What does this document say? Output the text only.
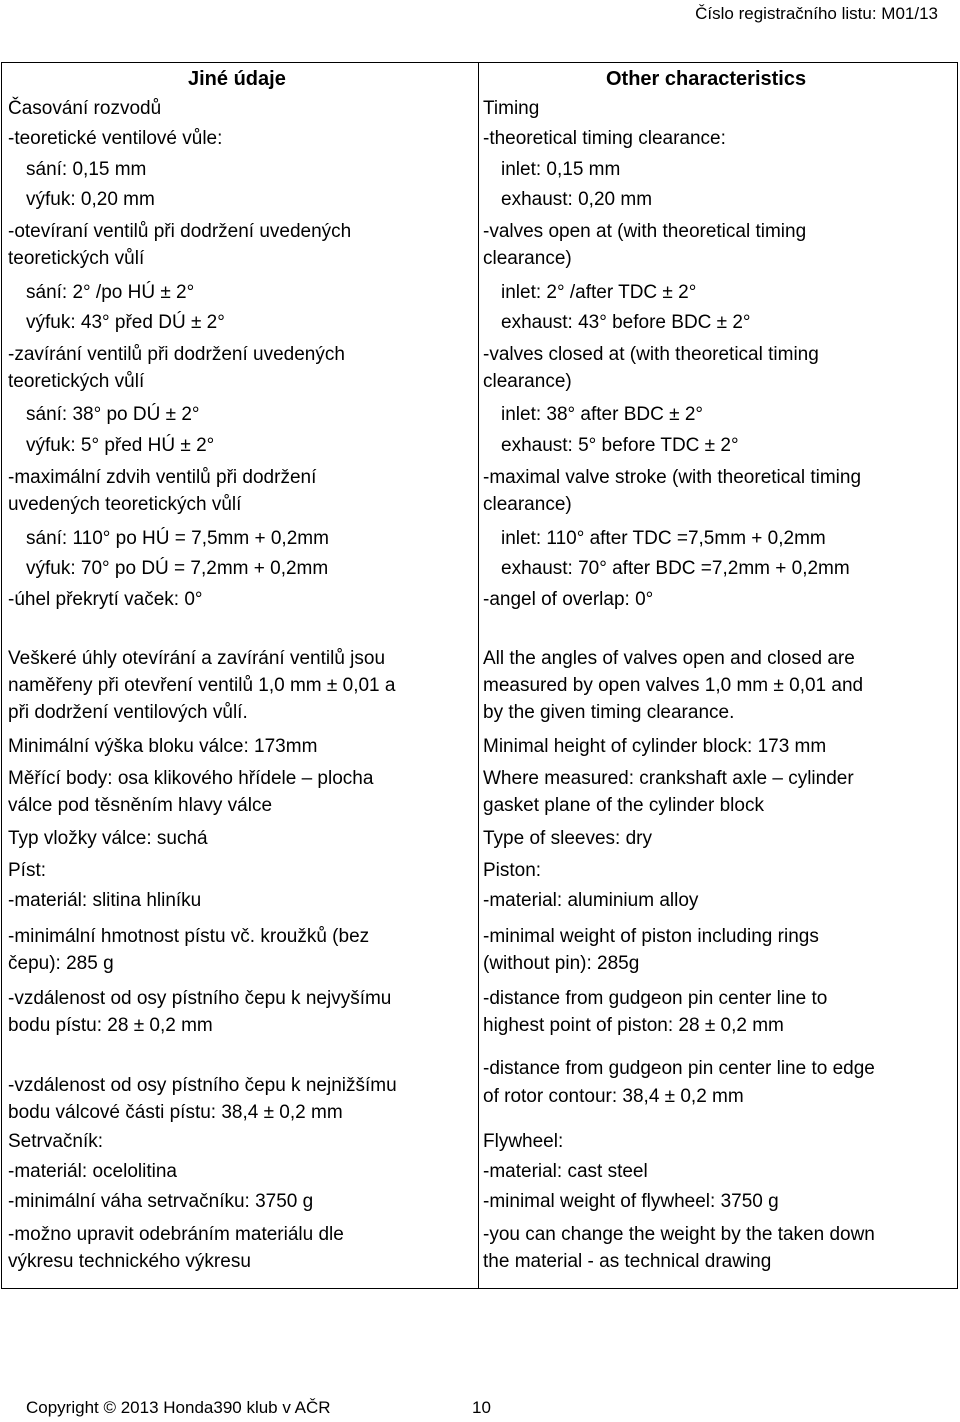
Číslo registračního listu: M01/13
Jiné údaje
Časování rozvodů
-teoretické ventilové vůle:
sání: 0,15 mm
výfuk: 0,20 mm
-otevíraní ventilů při dodržení uvedených
teoretických vůlí
sání: 2° /po HÚ ± 2°
výfuk: 43° před DÚ ± 2°
-zavírání ventilů při dodržení uvedených
teoretických vůlí
sání: 38° po DÚ ± 2°
výfuk: 5° před HÚ ± 2°
-maximální zdvih ventilů při dodržení
uvedených teoretických vůlí
sání: 110° po HÚ = 7,5mm + 0,2mm
výfuk: 70° po DÚ = 7,2mm + 0,2mm
-úhel překrytí vaček: 0°
Veškeré úhly otevírání a zavírání ventilů jsou
naměřeny při otevření ventilů 1,0 mm ± 0,01 a
při dodržení ventilových vůlí.
Minimální výška bloku válce: 173mm
Měřící body: osa klikového hřídele – plocha
válce pod těsněním hlavy válce
Typ vložky válce: suchá
Píst:
-materiál: slitina hliníku
-minimální hmotnost pístu vč. kroužků (bez
čepu): 285 g
-vzdálenost od osy pístního čepu k nejvyšímu
bodu pístu: 28 ± 0,2 mm
-vzdálenost od osy pístního čepu k nejnižšímu
bodu válcové části pístu: 38,4 ± 0,2 mm
Setrvačník:
-materiál: ocelolitina
-minimální váha setrvačníku: 3750 g
-možno upravit odebráním materiálu dle
výkresu technického výkresu
Other characteristics
Timing
-theoretical timing clearance:
inlet: 0,15 mm
exhaust: 0,20 mm
-valves open at (with theoretical timing
clearance)
inlet: 2° /after TDC ± 2°
exhaust: 43° before BDC ± 2°
-valves closed at (with theoretical timing
clearance)
inlet: 38° after BDC ± 2°
exhaust: 5° before TDC ± 2°
-maximal valve stroke (with theoretical timing
clearance)
inlet: 110° after TDC =7,5mm + 0,2mm
exhaust: 70° after BDC =7,2mm + 0,2mm
-angel of overlap: 0°
All the angles of valves open and closed are
measured by open valves 1,0 mm ± 0,01 and
by the given timing clearance.
Minimal height of cylinder block: 173 mm
Where measured: crankshaft axle – cylinder
gasket plane of the cylinder block
Type of sleeves: dry
Piston:
-material: aluminium alloy
-minimal weight of piston including rings
(without pin): 285g
-distance from gudgeon pin center line to
highest point of piston: 28 ± 0,2 mm
-distance from gudgeon pin center line to edge
of rotor contour: 38,4 ± 0,2 mm
Flywheel:
-material: cast steel
-minimal weight of flywheel: 3750 g
-you can change the weight by the taken down
the material - as technical drawing
Copyright © 2013 Honda390 klub v AČR	10
